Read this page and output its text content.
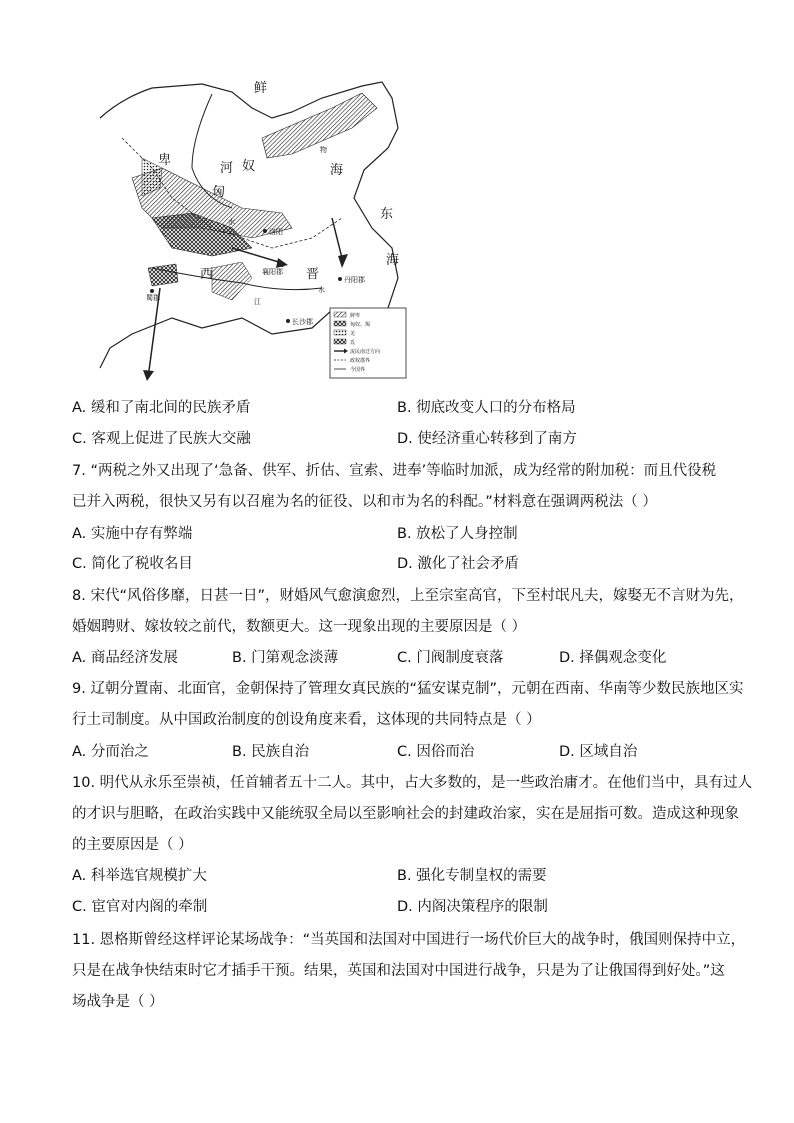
鲜
卑
匈
奴
河
水
洛阳
襄阳郡 晋
西
江
蜀郡
长沙郡
丹阳郡
物
海
东
海
水
鲜卑
匈奴、羯
羌
氐
流民南迁方向
政权郡界
今国界
A. 缓和了南北间的民族矛盾	B. 彻底改变人口的分布格局
C. 客观上促进了民族大交融	D. 使经济重心转移到了南方
7. “两税之外又出现了‘急备、供军、折估、宣索、进奉’等临时加派，成为经常的附加税：而且代役税
已并入两税，很快又另有以召雇为名的征役、以和市为名的科配。”材料意在强调两税法（ ）
A. 实施中存有弊端	B. 放松了人身控制
C. 简化了税收名目	D. 激化了社会矛盾
8. 宋代“风俗侈靡，日甚一日”，财婚风气愈演愈烈，上至宗室高官，下至村氓凡夫，嫁娶无不言财为先，
婚姻聘财、嫁妆较之前代，数额更大。这一现象出现的主要原因是（ ）
A. 商品经济发展	B. 门第观念淡薄	C. 门阀制度衰落	D. 择偶观念变化
9. 辽朝分置南、北面官，金朝保持了管理女真民族的“猛安谋克制”，元朝在西南、华南等少数民族地区实
行土司制度。从中国政治制度的创设角度来看，这体现的共同特点是（ ）
A. 分而治之	B. 民族自治	C. 因俗而治	D. 区域自治
10. 明代从永乐至崇祯，任首辅者五十二人。其中，占大多数的，是一些政治庸才。在他们当中，具有过人
的才识与胆略，在政治实践中又能统驭全局以至影响社会的封建政治家，实在是屈指可数。造成这种现象
的主要原因是（ ）
A. 科举选官规模扩大	B. 强化专制皇权的需要
C. 宦官对内阁的牵制	D. 内阁决策程序的限制
11. 恩格斯曾经这样评论某场战争：“当英国和法国对中国进行一场代价巨大的战争时，俄国则保持中立，
只是在战争快结束时它才插手干预。结果，英国和法国对中国进行战争，只是为了让俄国得到好处。”这
场战争是（ ）
